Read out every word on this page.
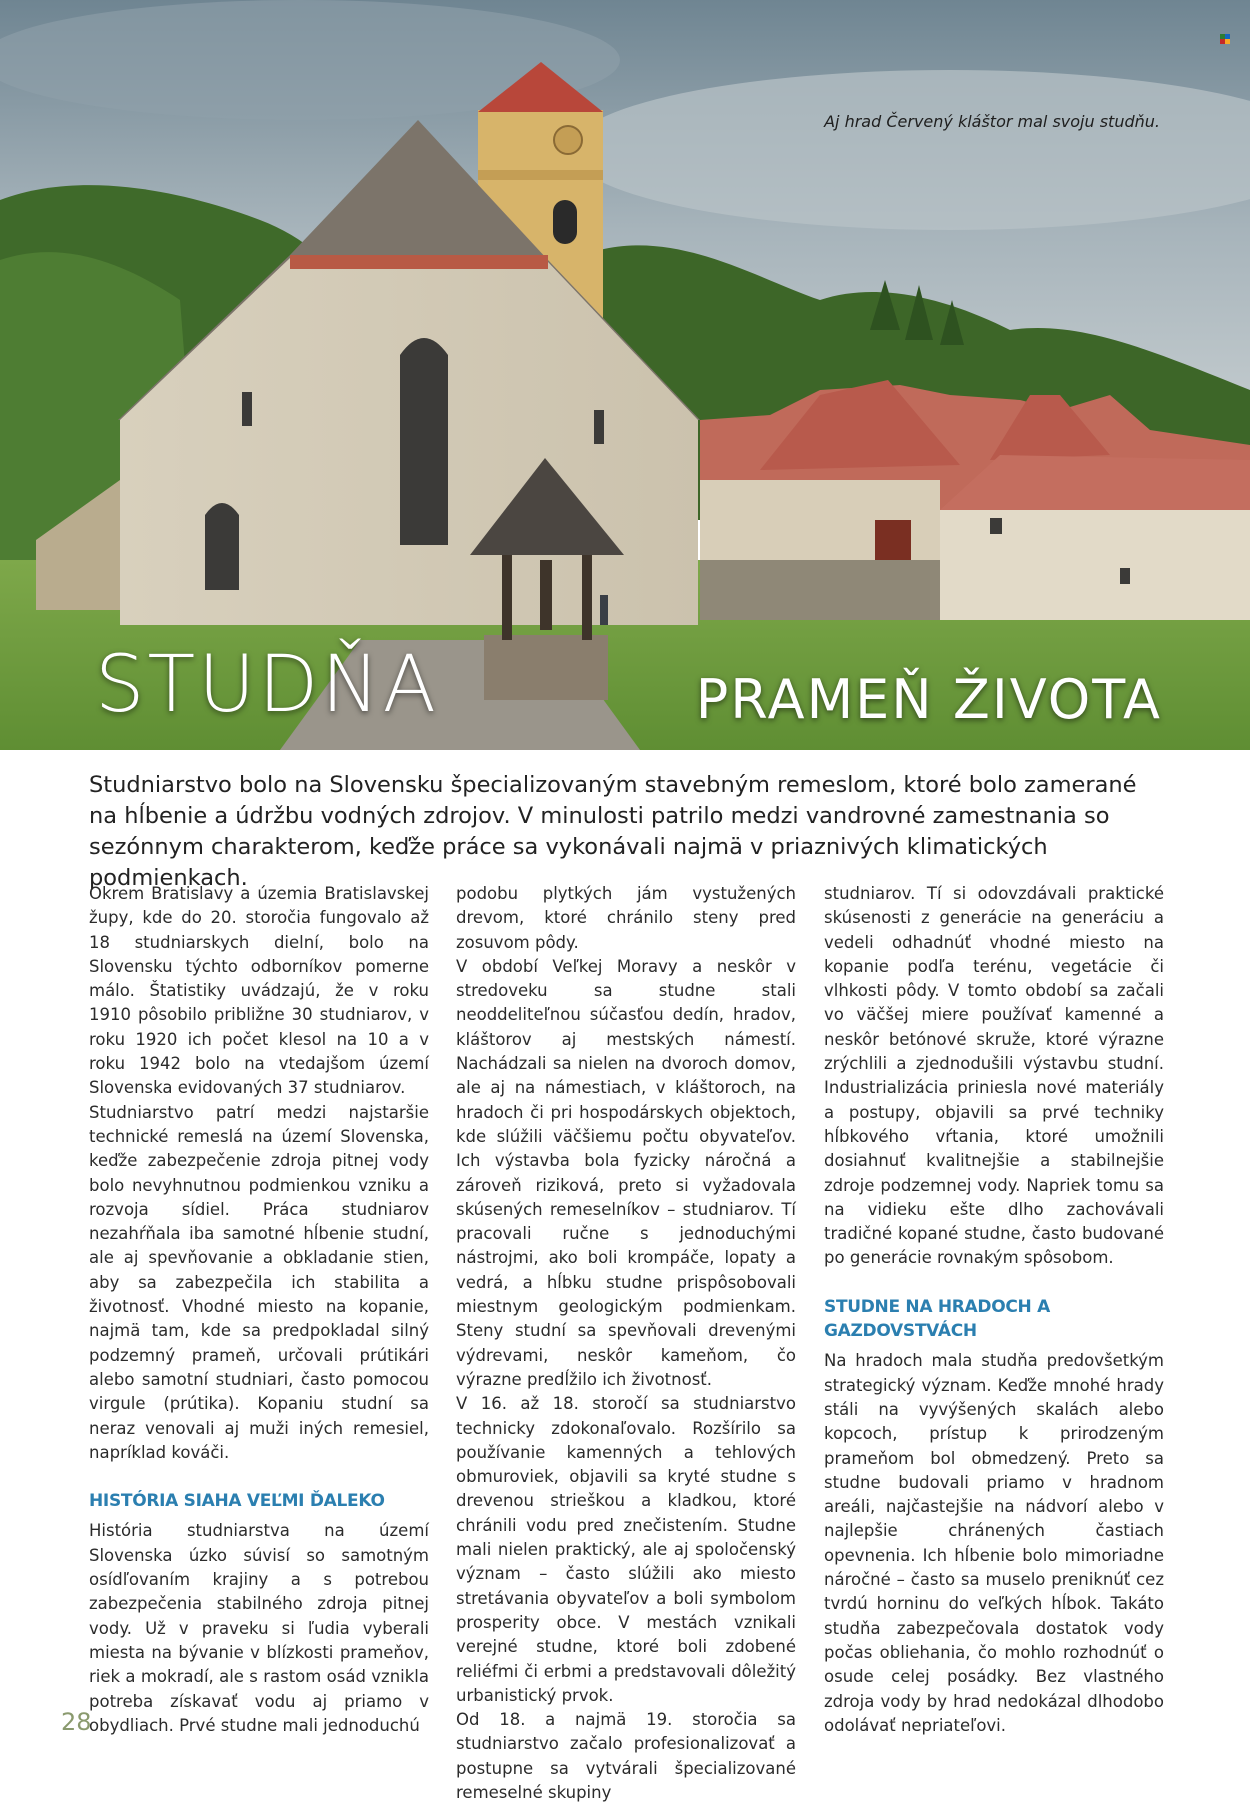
Aj hrad Červený kláštor mal svoju studňu.
STUDŇA	PRAMEŇ ŽIVOTA

Studniarstvo bolo na Slovensku špecializovaným stavebným remeslom, ktoré bolo zamerané na hĺbenie a údržbu vodných zdrojov. V minulosti patrilo medzi vandrovné zamestnania so sezónnym charakterom, keďže práce sa vykonávali najmä v priaznivých klimatických podmienkach.

Okrem Bratislavy a územia Bratislavskej župy, kde do 20. storočia fungovalo až 18 studniarskych dielní, bolo na Slovensku týchto odborníkov pomerne málo. Štatistiky uvádzajú, že v roku 1910 pôsobilo približne 30 studniarov, v roku 1920 ich počet klesol na 10 a v roku 1942 bolo na vtedajšom území Slovenska evidovaných 37 studniarov.

Studniarstvo patrí medzi najstaršie technické remeslá na území Slovenska, keďže zabezpečenie zdroja pitnej vody bolo nevyhnutnou podmienkou vzniku a rozvoja sídiel. Práca studniarov nezahŕňala iba samotné hĺbenie studní, ale aj spevňovanie a obkladanie stien, aby sa zabezpečila ich stabilita a životnosť. Vhodné miesto na kopanie, najmä tam, kde sa predpokladal silný podzemný prameň, určovali prútikári alebo samotní studniari, často pomocou virgule (prútika). Kopaniu studní sa neraz venovali aj muži iných remesiel, napríklad kováči.

HISTÓRIA SIAHA VEĽMI ĎALEKO

História studniarstva na území Slovenska úzko súvisí so samotným osídľovaním krajiny a s potrebou zabezpečenia stabilného zdroja pitnej vody. Už v praveku si ľudia vyberali miesta na bývanie v blízkosti prameňov, riek a mokradí, ale s rastom osád vznikla potreba získavať vodu aj priamo v obydliach. Prvé studne mali jednoduchú

podobu plytkých jám vystužených drevom, ktoré chránilo steny pred zosuvom pôdy.

V období Veľkej Moravy a neskôr v stredoveku sa studne stali neoddeliteľnou súčasťou dedín, hradov, kláštorov aj mestských námestí. Nachádzali sa nielen na dvoroch domov, ale aj na námestiach, v kláštoroch, na hradoch či pri hospodárskych objektoch, kde slúžili väčšiemu počtu obyvateľov. Ich výstavba bola fyzicky náročná a zároveň riziková, preto si vyžadovala skúsených remeselníkov – studniarov. Tí pracovali ručne s jednoduchými nástrojmi, ako boli krompáče, lopaty a vedrá, a hĺbku studne prispôsobovali miestnym geologickým podmienkam. Steny studní sa spevňovali drevenými výdrevami, neskôr kameňom, čo výrazne predĺžilo ich životnosť.

V 16. až 18. storočí sa studniarstvo technicky zdokonaľovalo. Rozšírilo sa používanie kamenných a tehlových obmuroviek, objavili sa kryté studne s drevenou strieškou a kladkou, ktoré chránili vodu pred znečistením. Studne mali nielen praktický, ale aj spoločenský význam – často slúžili ako miesto stretávania obyvateľov a boli symbolom prosperity obce. V mestách vznikali verejné studne, ktoré boli zdobené reliéfmi či erbmi a predstavovali dôležitý urbanistický prvok.

Od 18. a najmä 19. storočia sa studniarstvo začalo profesionalizovať a postupne sa vytvárali špecializované remeselné skupiny

studniarov. Tí si odovzdávali praktické skúsenosti z generácie na generáciu a vedeli odhadnúť vhodné miesto na kopanie podľa terénu, vegetácie či vlhkosti pôdy. V tomto období sa začali vo väčšej miere používať kamenné a neskôr betónové skruže, ktoré výrazne zrýchlili a zjednodušili výstavbu studní. Industrializácia priniesla nové materiály a postupy, objavili sa prvé techniky hĺbkového vŕtania, ktoré umožnili dosiahnuť kvalitnejšie a stabilnejšie zdroje podzemnej vody. Napriek tomu sa na vidieku ešte dlho zachovávali tradičné kopané studne, často budované po generácie rovnakým spôsobom.

STUDNE NA HRADOCH A GAZDOVSTVÁCH

Na hradoch mala studňa predovšetkým strategický význam. Keďže mnohé hrady stáli na vyvýšených skalách alebo kopcoch, prístup k prirodzeným prameňom bol obmedzený. Preto sa studne budovali priamo v hradnom areáli, najčastejšie na nádvorí alebo v najlepšie chránených častiach opevnenia. Ich hĺbenie bolo mimoriadne náročné – často sa muselo preniknúť cez tvrdú horninu do veľkých hĺbok. Takáto studňa zabezpečovala dostatok vody počas obliehania, čo mohlo rozhodnúť o osude celej posádky. Bez vlastného zdroja vody by hrad nedokázal dlhodobo odolávať nepriateľovi.

28
